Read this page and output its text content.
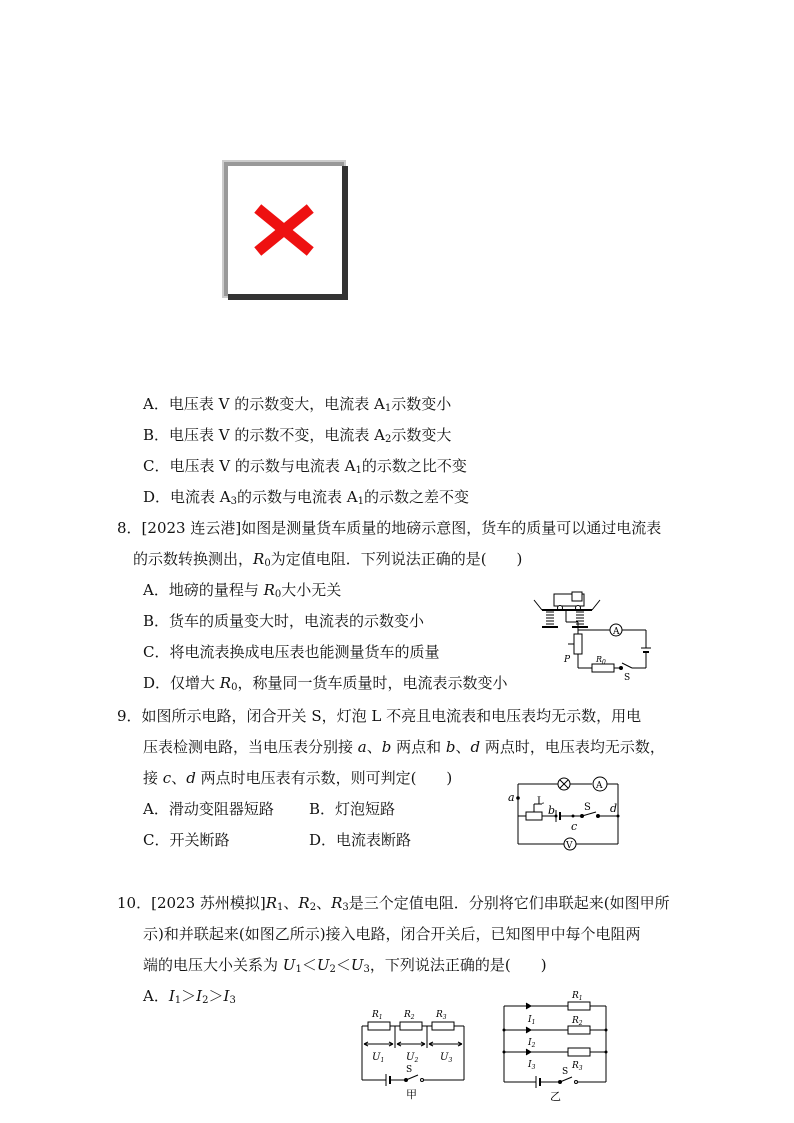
A．电压表 V 的示数变大，电流表 $A_1$示数变小
B．电压表 V 的示数不变，电流表 $A_2$示数变大
C．电压表 V 的示数与电流表 $A_1$的示数之比不变
D．电流表 $A_3$的示数与电流表 $A_1$的示数之差不变
8．[2023 连云港]如图是测量货车质量的地磅示意图，货车的质量可以通过电流表
的示数转换测出，$R_0$为定值电阻．下列说法正确的是(　　)
A．地磅的量程与 $R_0$大小无关
B．货车的质量变大时，电流表的示数变小
C．将电流表换成电压表也能测量货车的质量
D．仅增大 $R_0$，称量同一货车质量时，电流表示数变小
A
P	$R_0$
S
9．如图所示电路，闭合开关 S，灯泡 L 不亮且电流表和电压表均无示数，用电
压表检测电路，当电压表分别接 a、b 两点和 b、d 两点时，电压表均无示数，
接 c、d 两点时电压表有示数，则可判定(　　)
A．滑动变阻器短路 B．灯泡短路
C．开关断路	D．电流表断路
a L
b	S d
c
A
V
10．[2023 苏州模拟]$R_1$、$R_2$、$R_3$是三个定值电阻．分别将它们串联起来(如图甲所
示)和并联起来(如图乙所示)接入电路，闭合开关后，已知图甲中每个电阻两
端的电压大小关系为 $U_1<U_2<U_3$，下列说法正确的是(　　)
A．$I_1>I_2>I_3$
$R_1$ $R_2$ $R_3$
$U_1$ $U_2$ $U_3$
S
甲
$R_1$
$R_2$
$R_3$
$I_1$
$I_2$
$I_3$	S
乙
